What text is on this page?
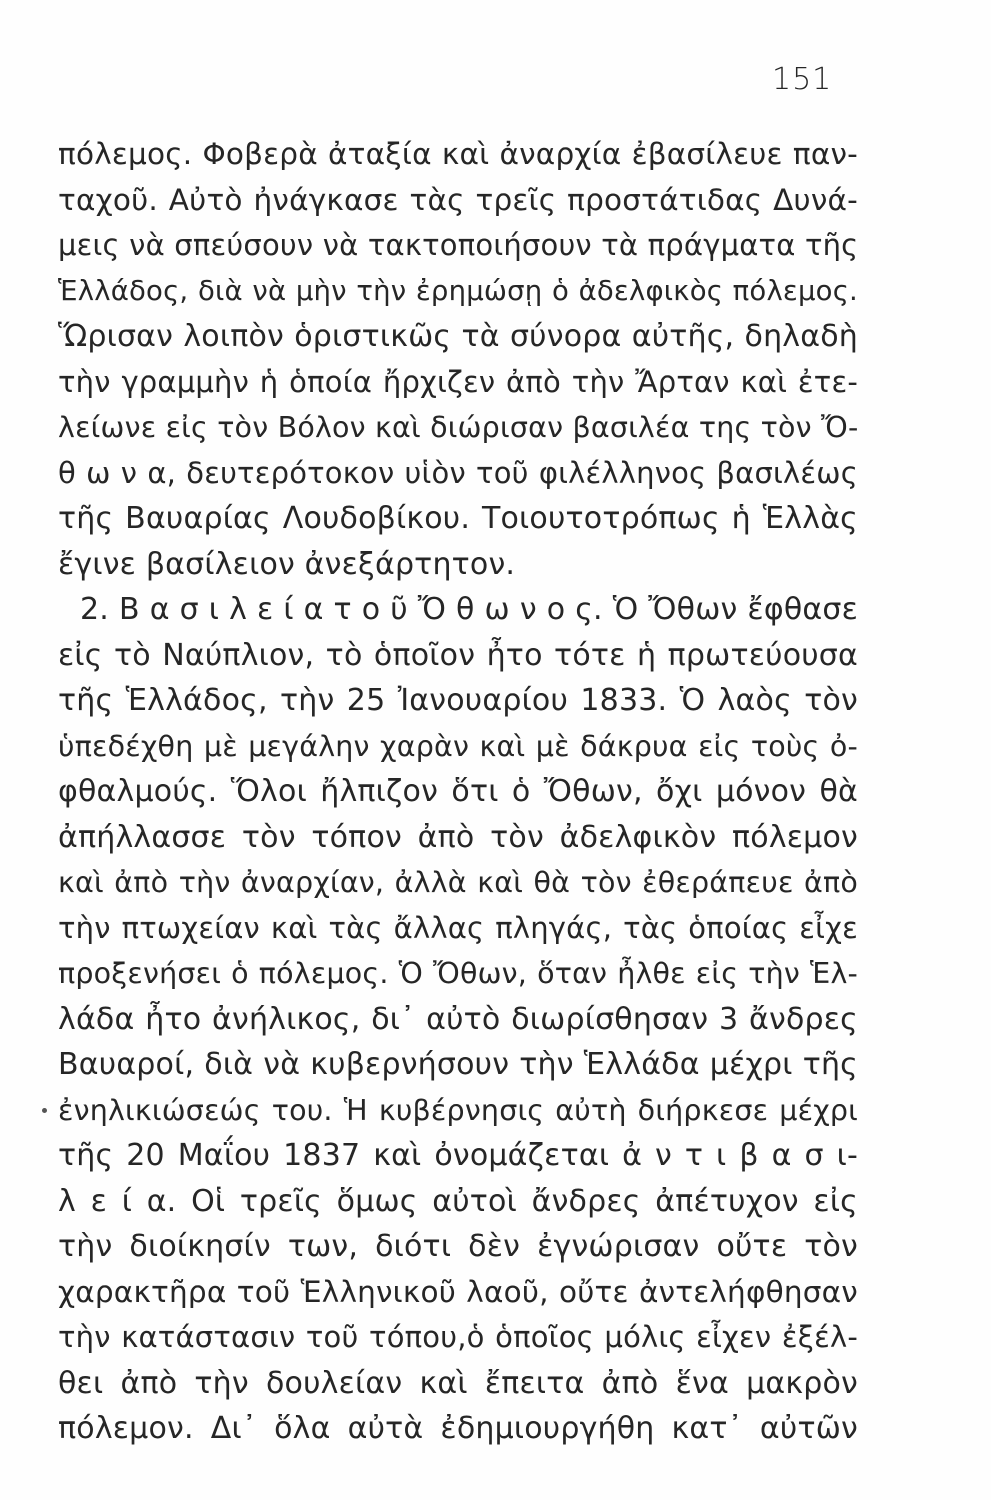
151
πόλεμος. Φοβερὰ ἀταξία καὶ ἀναρχία ἐβασίλευε παν-
ταχοῦ. Αὐτὸ ἠνάγκασε τὰς τρεῖς προστάτιδας Δυνά-
μεις νὰ σπεύσουν νὰ τακτοποιήσουν τὰ πράγματα τῆς
Ἑλλάδος, διὰ νὰ μὴν τὴν ἐρημώσῃ ὁ ἀδελφικὸς πόλεμος.
Ὥρισαν λοιπὸν ὁριστικῶς τὰ σύνορα αὐτῆς, δηλαδὴ
τὴν γραμμὴν ἡ ὁποία ἤρχιζεν ἀπὸ τὴν Ἄρταν καὶ ἐτε-
λείωνε εἰς τὸν Βόλον καὶ διώρισαν βασιλέα της τὸν Ὄ-
θ ω ν α, δευτερότοκον υἱὸν τοῦ φιλέλληνος βασιλέως
τῆς Βαυαρίας Λουδοβίκου. Τοιουτοτρόπως ἡ Ἑλλὰς
ἔγινε βασίλειον ἀνεξάρτητον.
2. Β α σ ι λ ε ί α τ ο ῦ Ὄ θ ω ν ο ς. Ὁ Ὄθων ἔφθασε
εἰς τὸ Ναύπλιον, τὸ ὁποῖον ἦτο τότε ἡ πρωτεύουσα
τῆς Ἑλλάδος, τὴν 25 Ἰανουαρίου 1833. Ὁ λαὸς τὸν
ὑπεδέχθη μὲ μεγάλην χαρὰν καὶ μὲ δάκρυα εἰς τοὺς ὀ-
φθαλμούς. Ὅλοι ἤλπιζον ὅτι ὁ Ὄθων, ὄχι μόνον θὰ
ἀπήλλασσε τὸν τόπον ἀπὸ τὸν ἀδελφικὸν πόλεμον
καὶ ἀπὸ τὴν ἀναρχίαν, ἀλλὰ καὶ θὰ τὸν ἐθεράπευε ἀπὸ
τὴν πτωχείαν καὶ τὰς ἄλλας πληγάς, τὰς ὁποίας εἶχε
προξενήσει ὁ πόλεμος. Ὁ Ὄθων, ὅταν ἦλθε εἰς τὴν Ἑλ-
λάδα ἦτο ἀνήλικος, δι᾽ αὐτὸ διωρίσθησαν 3 ἄνδρες
Βαυαροί, διὰ νὰ κυβερνήσουν τὴν Ἑλλάδα μέχρι τῆς
ἐνηλικιώσεώς του. Ἡ κυβέρνησις αὐτὴ διήρκεσε μέχρι
τῆς 20 Μαΐου 1837 καὶ ὀνομάζεται ἀ ν τ ι β α σ ι-
λ ε ί α. Οἱ τρεῖς ὅμως αὐτοὶ ἄνδρες ἀπέτυχον εἰς
τὴν διοίκησίν των, διότι δὲν ἐγνώρισαν οὔτε τὸν
χαρακτῆρα τοῦ Ἑλληνικοῦ λαοῦ, οὔτε ἀντελήφθησαν
τὴν κατάστασιν τοῦ τόπου,ὁ ὁποῖος μόλις εἶχεν ἐξέλ-
θει ἀπὸ τὴν δουλείαν καὶ ἔπειτα ἀπὸ ἕνα μακρὸν
πόλεμον. Δι᾽ ὅλα αὐτὰ ἐδημιουργήθη κατ᾽ αὐτῶν
